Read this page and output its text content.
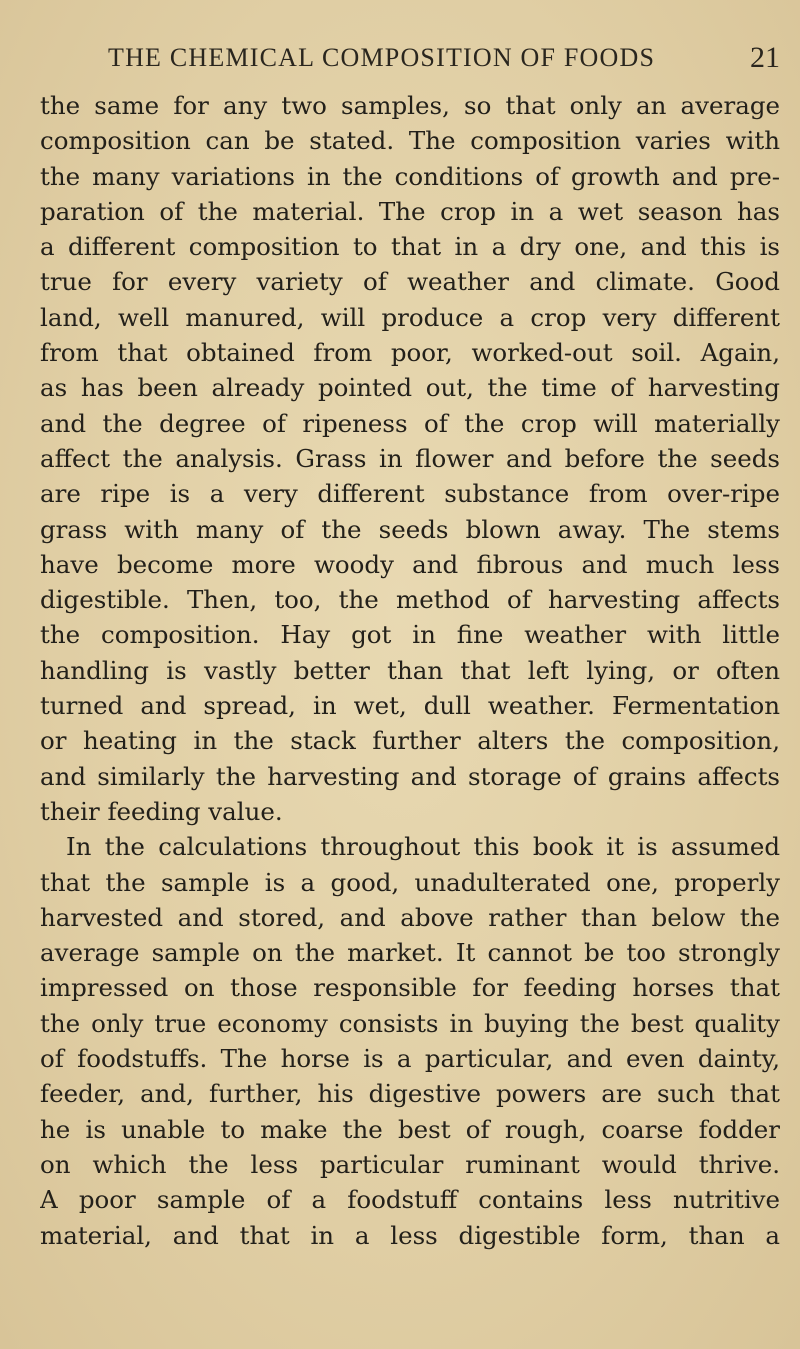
THE CHEMICAL COMPOSITION OF FOODS	21
the same for any two samples, so that only an average
composition can be stated. The composition varies with
the many variations in the conditions of growth and pre-
paration of the material. The crop in a wet season has
a different composition to that in a dry one, and this is
true for every variety of weather and climate. Good
land, well manured, will produce a crop very different
from that obtained from poor, worked-out soil. Again,
as has been already pointed out, the time of harvesting
and the degree of ripeness of the crop will materially
affect the analysis. Grass in flower and before the seeds
are ripe is a very different substance from over-ripe
grass with many of the seeds blown away. The stems
have become more woody and fibrous and much less
digestible. Then, too, the method of harvesting affects
the composition. Hay got in fine weather with little
handling is vastly better than that left lying, or often
turned and spread, in wet, dull weather. Fermentation
or heating in the stack further alters the composition,
and similarly the harvesting and storage of grains affects
their feeding value.
In the calculations throughout this book it is assumed
that the sample is a good, unadulterated one, properly
harvested and stored, and above rather than below the
average sample on the market. It cannot be too strongly
impressed on those responsible for feeding horses that
the only true economy consists in buying the best quality
of foodstuffs. The horse is a particular, and even dainty,
feeder, and, further, his digestive powers are such that
he is unable to make the best of rough, coarse fodder
on which the less particular ruminant would thrive.
A poor sample of a foodstuff contains less nutritive
material, and that in a less digestible form, than a
